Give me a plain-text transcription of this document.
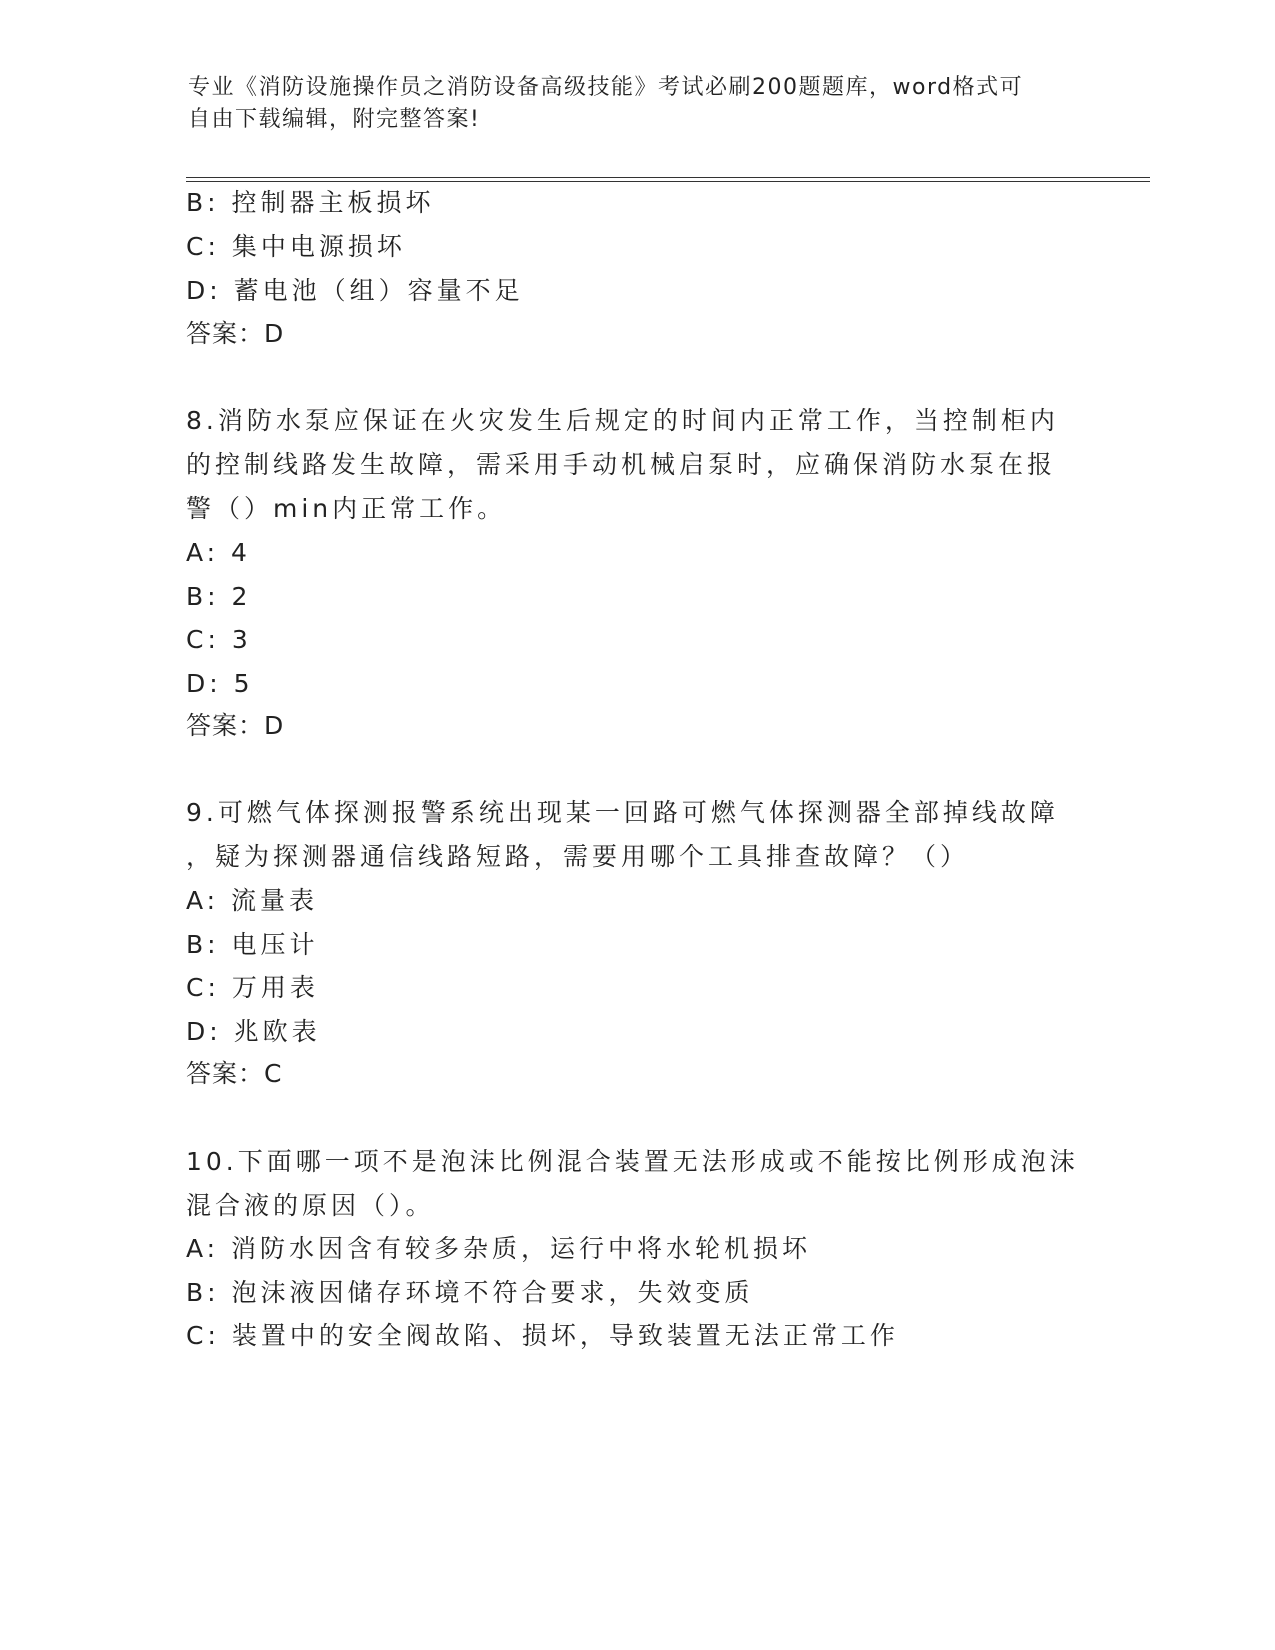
专业《消防设施操作员之消防设备高级技能》考试必刷200题题库，word格式可
自由下载编辑，附完整答案!
B: 控制器主板损坏
C: 集中电源损坏
D: 蓄电池（组）容量不足
答案：D
8.消防水泵应保证在火灾发生后规定的时间内正常工作，当控制柜内
的控制线路发生故障，需采用手动机械启泵时，应确保消防水泵在报
警（）min内正常工作。
A: 4
B: 2
C: 3
D: 5
答案：D
9.可燃气体探测报警系统出现某一回路可燃气体探测器全部掉线故障
，疑为探测器通信线路短路，需要用哪个工具排查故障？（）
A: 流量表
B: 电压计
C: 万用表
D: 兆欧表
答案：C
10.下面哪一项不是泡沫比例混合装置无法形成或不能按比例形成泡沫
混合液的原因（）。
A: 消防水因含有较多杂质，运行中将水轮机损坏
B: 泡沫液因储存环境不符合要求，失效变质
C: 装置中的安全阀故陷、损坏，导致装置无法正常工作
